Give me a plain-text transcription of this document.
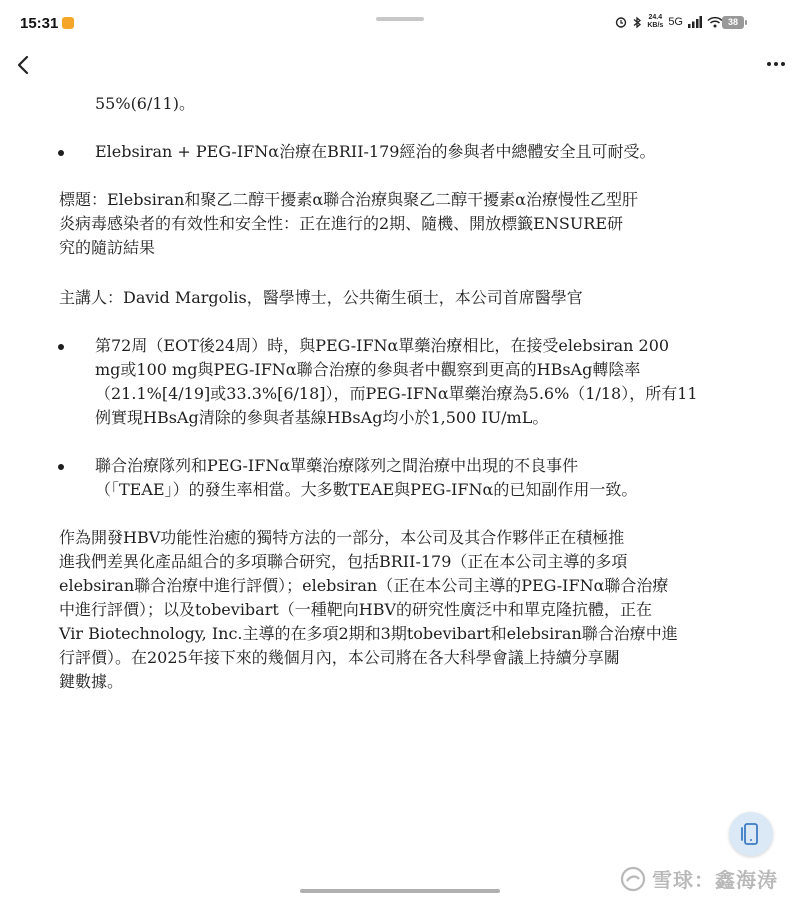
15:31	24.4
KB/s 5G	38
55%(6/11)。
Elebsiran + PEG-IFNα治療在BRII-179經治的參與者中總體安全且可耐受。
標題：Elebsiran和聚乙二醇干擾素α聯合治療與聚乙二醇干擾素α治療慢性乙型肝
炎病毒感染者的有效性和安全性：正在進行的2期、隨機、開放標籤ENSURE研
究的隨訪結果
主講人：David Margolis，醫學博士，公共衛生碩士，本公司首席醫學官
第72周（EOT後24周）時，與PEG-IFNα單藥治療相比，在接受elebsiran 200
mg或100 mg與PEG-IFNα聯合治療的參與者中觀察到更高的HBsAg轉陰率
（21.1%[4/19]或33.3%[6/18]），而PEG-IFNα單藥治療為5.6%（1/18），所有11
例實現HBsAg清除的參與者基線HBsAg均小於1,500 IU/mL。
聯合治療隊列和PEG-IFNα單藥治療隊列之間治療中出現的不良事件
（「TEAE」）的發生率相當。大多數TEAE與PEG-IFNα的已知副作用一致。
作為開發HBV功能性治癒的獨特方法的一部分，本公司及其合作夥伴正在積極推
進我們差異化產品組合的多項聯合研究，包括BRII-179（正在本公司主導的多項
elebsiran聯合治療中進行評價）；elebsiran（正在本公司主導的PEG-IFNα聯合治療
中進行評價）；以及tobevibart（一種靶向HBV的研究性廣泛中和單克隆抗體，正在
Vir Biotechnology, Inc.主導的在多項2期和3期tobevibart和elebsiran聯合治療中進
行評價）。在2025年接下來的幾個月內，本公司將在各大科學會議上持續分享關
鍵數據。
雪球：鑫海涛
